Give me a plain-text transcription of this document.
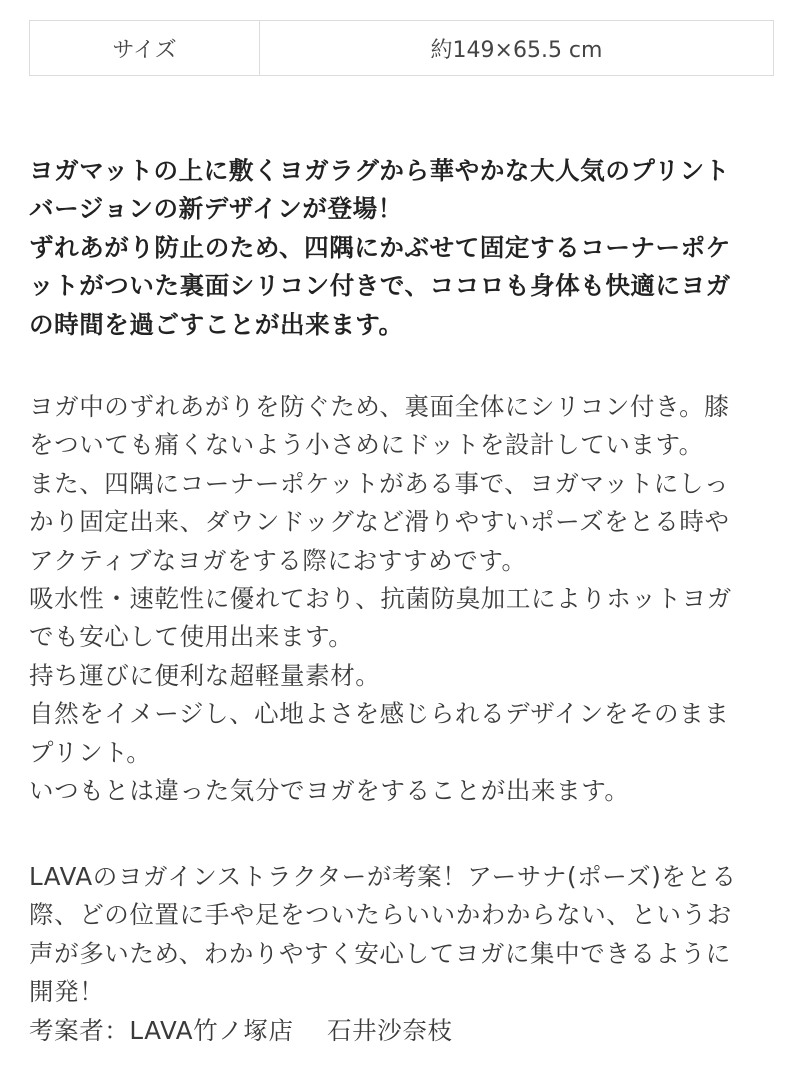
サイズ	約149×65.5 cm
ヨガマットの上に敷くヨガラグから華やかな大人気のプリント
バージョンの新デザインが登場！
ずれあがり防止のため、四隅にかぶせて固定するコーナーポケ
ットがついた裏面シリコン付きで、ココロも身体も快適にヨガ
の時間を過ごすことが出来ます。
ヨガ中のずれあがりを防ぐため、裏面全体にシリコン付き。膝
をついても痛くないよう小さめにドットを設計しています。
また、四隅にコーナーポケットがある事で、ヨガマットにしっ
かり固定出来、ダウンドッグなど滑りやすいポーズをとる時や
アクティブなヨガをする際におすすめです。
吸水性・速乾性に優れており、抗菌防臭加工によりホットヨガ
でも安心して使用出来ます。
持ち運びに便利な超軽量素材。
自然をイメージし、心地よさを感じられるデザインをそのまま
プリント。
いつもとは違った気分でヨガをすることが出来ます。
LAVAのヨガインストラクターが考案！アーサナ(ポーズ)をとる
際、どの位置に手や足をついたらいいかわからない、というお
声が多いため、わかりやすく安心してヨガに集中できるように
開発！
考案者：LAVA竹ノ塚店　 石井沙奈枝
